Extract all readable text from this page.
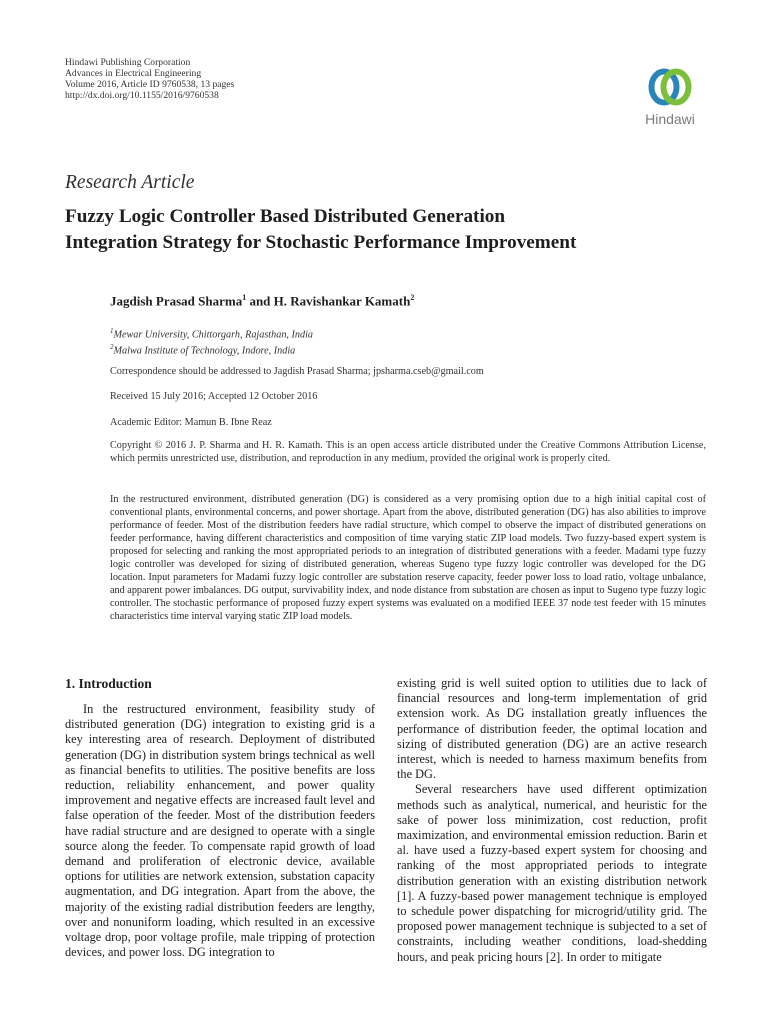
Hindawi Publishing Corporation
Advances in Electrical Engineering
Volume 2016, Article ID 9760538, 13 pages
http://dx.doi.org/10.1155/2016/9760538
Hindawi
Research Article
Fuzzy Logic Controller Based Distributed Generation
Integration Strategy for Stochastic Performance Improvement
Jagdish Prasad Sharma$^1$ and H. Ravishankar Kamath$^2$
$^1$Mewar University, Chittorgarh, Rajasthan, India
$^2$Malwa Institute of Technology, Indore, India
Correspondence should be addressed to Jagdish Prasad Sharma; jpsharma.cseb@gmail.com
Received 15 July 2016; Accepted 12 October 2016
Academic Editor: Mamun B. Ibne Reaz
Copyright © 2016 J. P. Sharma and H. R. Kamath. This is an open access article distributed under the Creative Commons Attribution License, which permits unrestricted use, distribution, and reproduction in any medium, provided the original work is properly cited.
In the restructured environment, distributed generation (DG) is considered as a very promising option due to a high initial capital cost of conventional plants, environmental concerns, and power shortage. Apart from the above, distributed generation (DG) has also abilities to improve performance of feeder. Most of the distribution feeders have radial structure, which compel to observe the impact of distributed generations on feeder performance, having different characteristics and composition of time varying static ZIP load models. Two fuzzy-based expert system is proposed for selecting and ranking the most appropriated periods to an integration of distributed generations with a feeder. Madami type fuzzy logic controller was developed for sizing of distributed generation, whereas Sugeno type fuzzy logic controller was developed for the DG location. Input parameters for Madami fuzzy logic controller are substation reserve capacity, feeder power loss to load ratio, voltage unbalance, and apparent power imbalances. DG output, survivability index, and node distance from substation are chosen as input to Sugeno type fuzzy logic controller. The stochastic performance of proposed fuzzy expert systems was evaluated on a modified IEEE 37 node test feeder with 15 minutes characteristics time interval varying static ZIP load models.
1. Introduction

In the restructured environment, feasibility study of distributed generation (DG) integration to existing grid is a key interesting area of research. Deployment of distributed generation (DG) in distribution system brings technical as well as financial benefits to utilities. The positive benefits are loss reduction, reliability enhancement, and power quality improvement and negative effects are increased fault level and false operation of the feeder. Most of the distribution feeders have radial structure and are designed to operate with a single source along the feeder. To compensate rapid growth of load demand and proliferation of electronic device, available options for utilities are network extension, substation capacity augmentation, and DG integration. Apart from the above, the majority of the existing radial distribution feeders are lengthy, over and nonuniform loading, which resulted in an excessive voltage drop, poor voltage profile, male tripping of protection devices, and power loss. DG integration to

existing grid is well suited option to utilities due to lack of financial resources and long-term implementation of grid extension work. As DG installation greatly influences the performance of distribution feeder, the optimal location and sizing of distributed generation (DG) are an active research interest, which is needed to harness maximum benefits from the DG.

Several researchers have used different optimization methods such as analytical, numerical, and heuristic for the sake of power loss minimization, cost reduction, profit maximization, and environmental emission reduction. Barin et al. have used a fuzzy-based expert system for choosing and ranking of the most appropriated periods to integrate distribution generation with an existing distribution network [1]. A fuzzy-based power management technique is employed to schedule power dispatching for microgrid/utility grid. The proposed power management technique is subjected to a set of constraints, including weather conditions, load-shedding hours, and peak pricing hours [2]. In order to mitigate
